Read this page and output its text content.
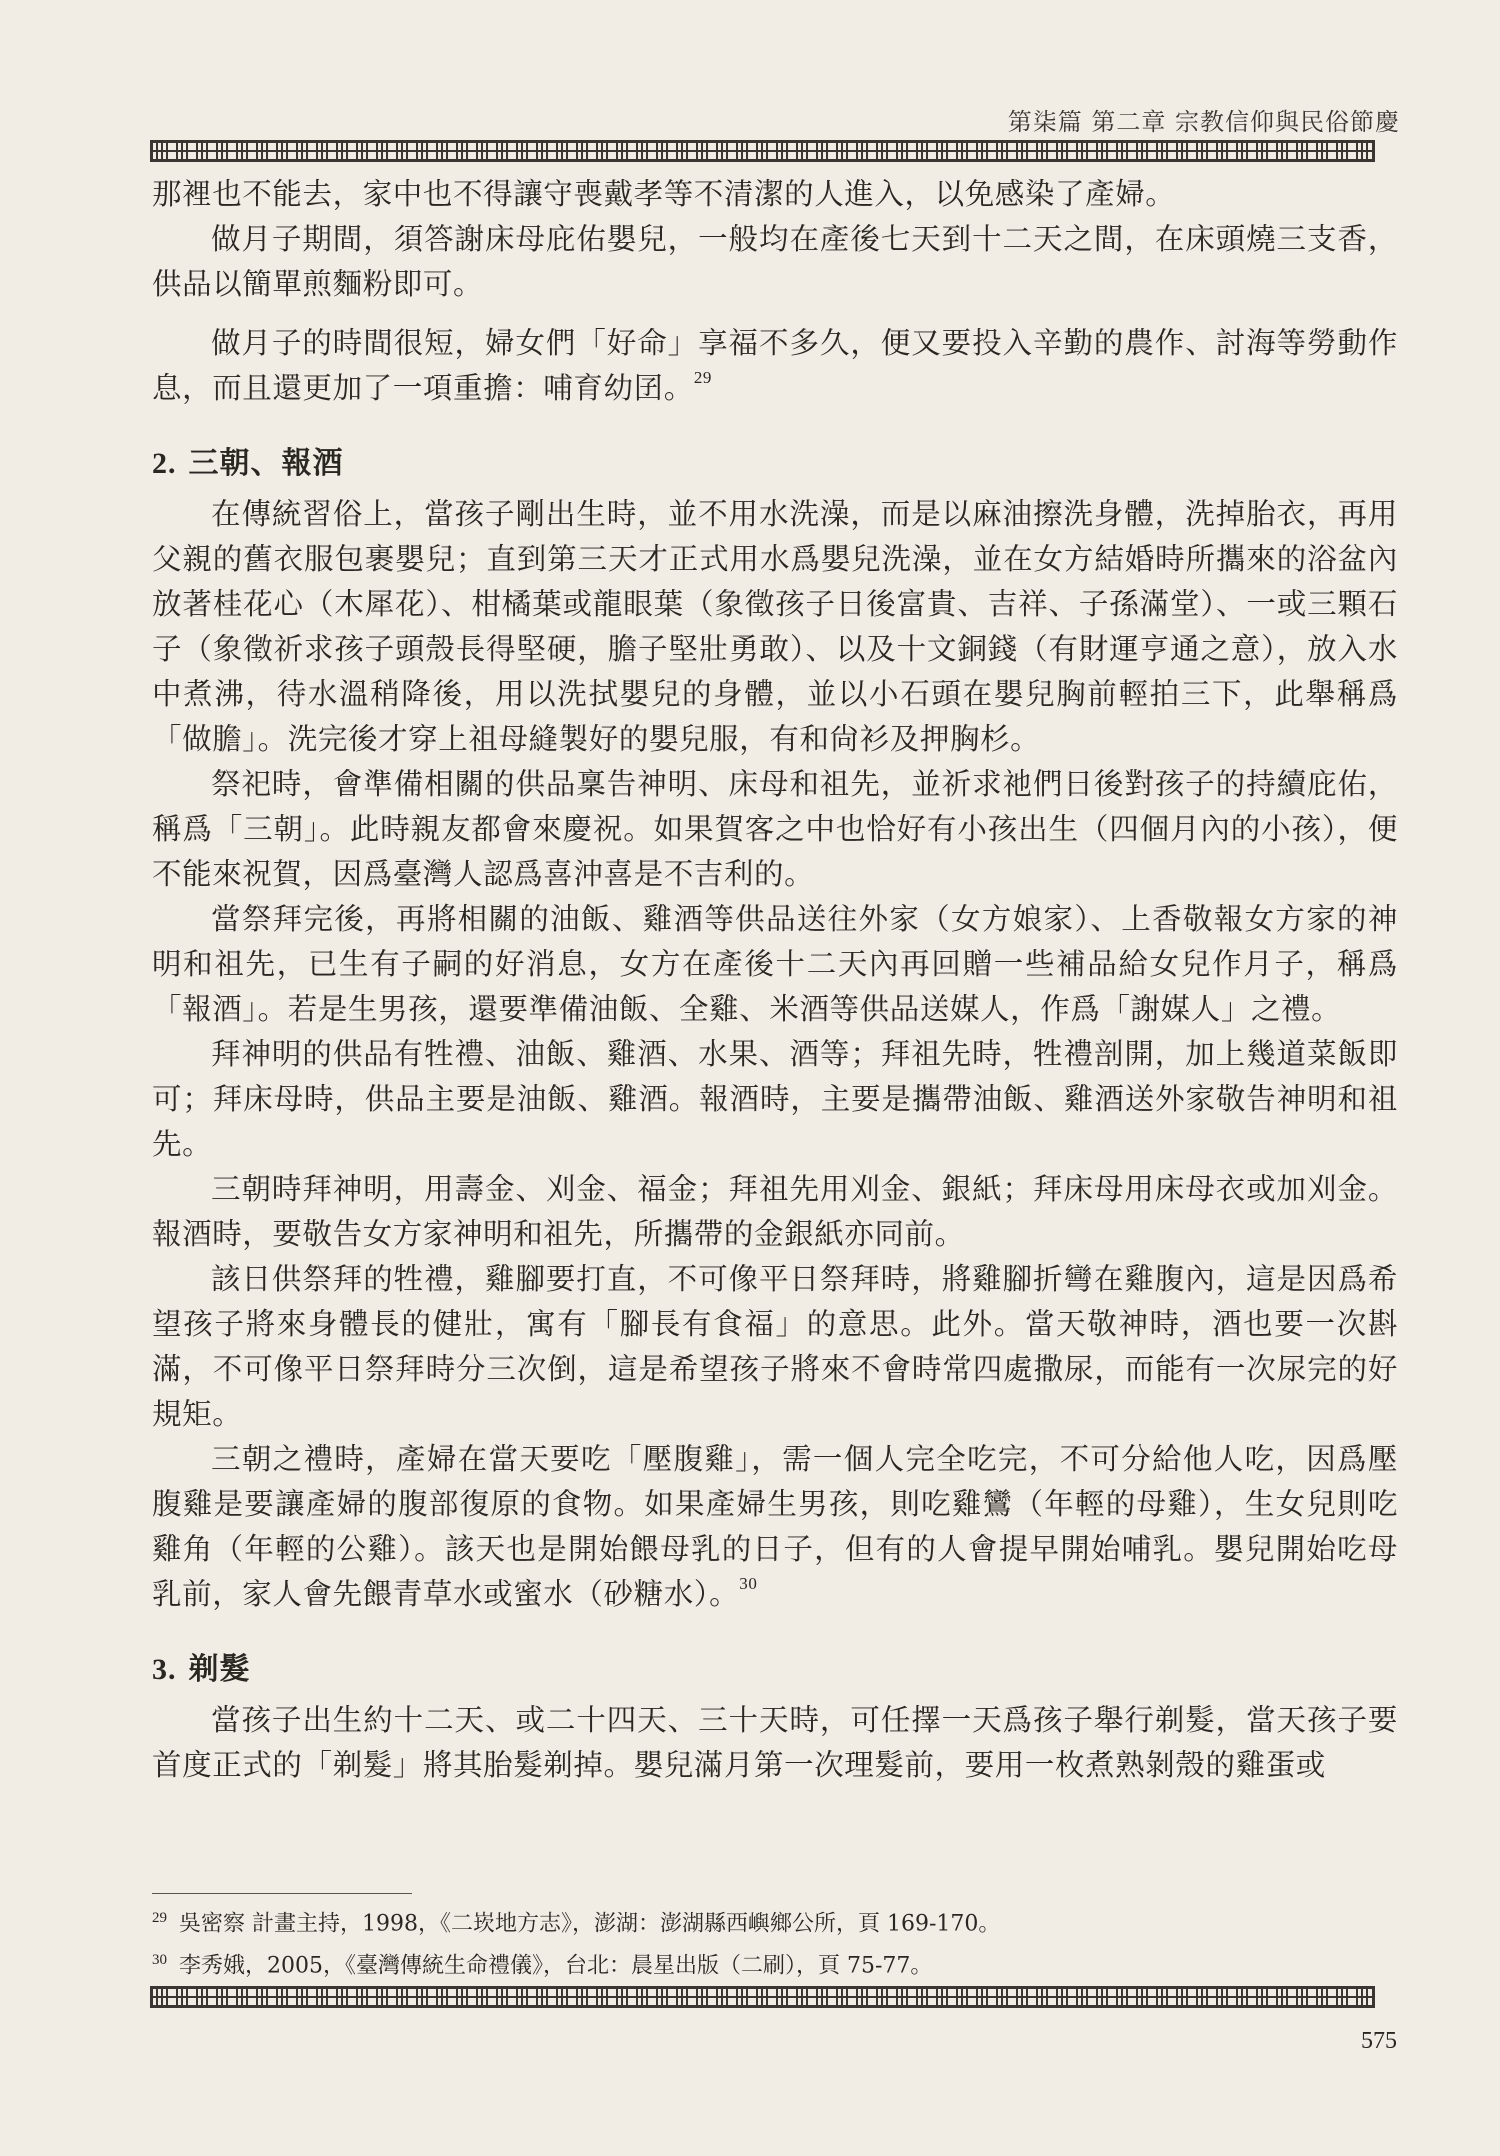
第柒篇 第二章 宗教信仰與民俗節慶

那裡也不能去，家中也不得讓守喪戴孝等不清潔的人進入，以免感染了產婦。

做月子期間，須答謝床母庇佑嬰兒，一般均在產後七天到十二天之間，在床頭燒三支香，供品以簡單煎麵粉即可。

做月子的時間很短，婦女們「好命」享福不多久，便又要投入辛勤的農作、討海等勞動作息，而且還更加了一項重擔：哺育幼囝。$^{29}$

2. 三朝、報酒

在傳統習俗上，當孩子剛出生時，並不用水洗澡，而是以麻油擦洗身體，洗掉胎衣，再用父親的舊衣服包裹嬰兒；直到第三天才正式用水爲嬰兒洗澡，並在女方結婚時所攜來的浴盆內放著桂花心（木犀花）、柑橘葉或龍眼葉（象徵孩子日後富貴、吉祥、子孫滿堂）、一或三顆石子（象徵祈求孩子頭殼長得堅硬，膽子堅壯勇敢）、以及十文銅錢（有財運亨通之意），放入水中煮沸，待水溫稍降後，用以洗拭嬰兒的身體，並以小石頭在嬰兒胸前輕拍三下，此舉稱爲「做膽」。洗完後才穿上祖母縫製好的嬰兒服，有和尙衫及押胸杉。

祭祀時，會準備相關的供品稟告神明、床母和祖先，並祈求祂們日後對孩子的持續庇佑，稱爲「三朝」。此時親友都會來慶祝。如果賀客之中也恰好有小孩出生（四個月內的小孩），便不能來祝賀，因爲臺灣人認爲喜沖喜是不吉利的。

當祭拜完後，再將相關的油飯、雞酒等供品送往外家（女方娘家）、上香敬報女方家的神明和祖先，已生有子嗣的好消息，女方在產後十二天內再回贈一些補品給女兒作月子，稱爲「報酒」。若是生男孩，還要準備油飯、全雞、米酒等供品送媒人，作爲「謝媒人」之禮。

拜神明的供品有牲禮、油飯、雞酒、水果、酒等；拜祖先時，牲禮剖開，加上幾道菜飯即可；拜床母時，供品主要是油飯、雞酒。報酒時，主要是攜帶油飯、雞酒送外家敬告神明和祖先。

三朝時拜神明，用壽金、刈金、福金；拜祖先用刈金、銀紙；拜床母用床母衣或加刈金。報酒時，要敬告女方家神明和祖先，所攜帶的金銀紙亦同前。

該日供祭拜的牲禮，雞腳要打直，不可像平日祭拜時，將雞腳折彎在雞腹內，這是因爲希望孩子將來身體長的健壯，寓有「腳長有食福」的意思。此外。當天敬神時，酒也要一次斟滿，不可像平日祭拜時分三次倒，這是希望孩子將來不會時常四處撒尿，而能有一次尿完的好規矩。

三朝之禮時，產婦在當天要吃「壓腹雞」，需一個人完全吃完，不可分給他人吃，因爲壓腹雞是要讓產婦的腹部復原的食物。如果產婦生男孩，則吃雞鸞（年輕的母雞），生女兒則吃雞角（年輕的公雞）。該天也是開始餵母乳的日子，但有的人會提早開始哺乳。嬰兒開始吃母乳前，家人會先餵青草水或蜜水（砂糖水）。$^{30}$

3. 剃髮

當孩子出生約十二天、或二十四天、三十天時，可任擇一天爲孩子舉行剃髮，當天孩子要首度正式的「剃髮」將其胎髮剃掉。嬰兒滿月第一次理髮前，要用一枚煮熟剝殼的雞蛋或

$^{29}$ 吳密察 計畫主持，1998，《二崁地方志》，澎湖：澎湖縣西嶼鄉公所，頁 169-170。
$^{30}$ 李秀娥，2005，《臺灣傳統生命禮儀》，台北：晨星出版（二刷），頁 75-77。
575
